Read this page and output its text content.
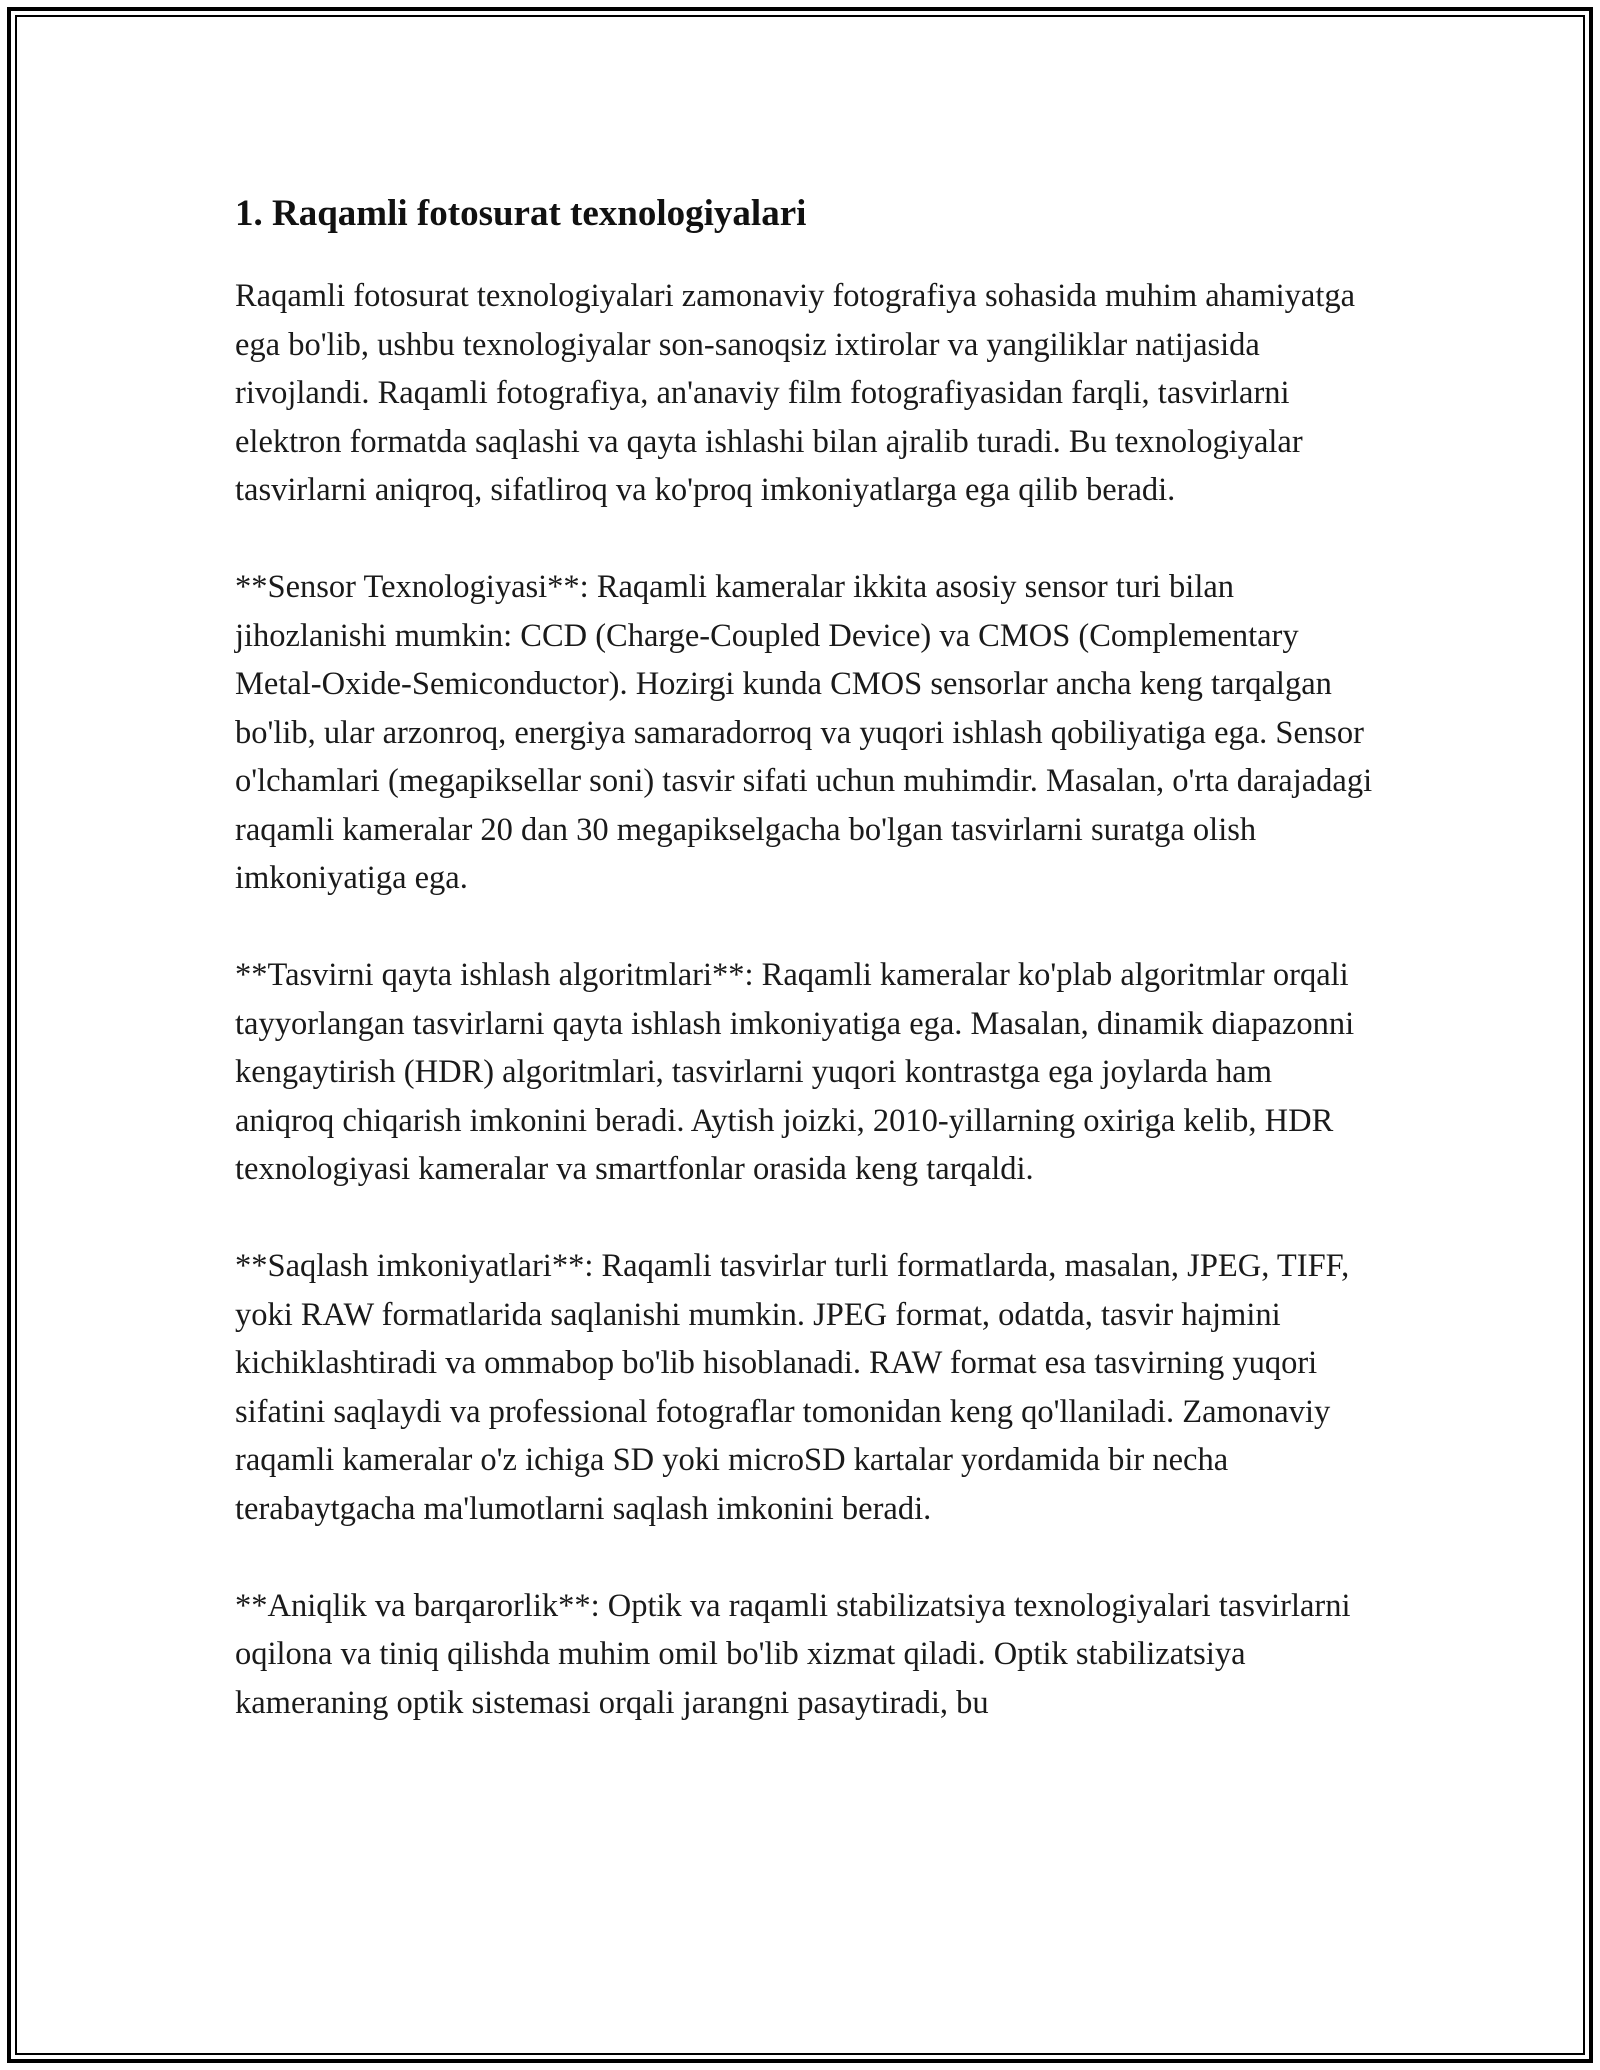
1. Raqamli fotosurat texnologiyalari

Raqamli fotosurat texnologiyalari zamonaviy fotografiya sohasida muhim ahamiyatga ega bo'lib, ushbu texnologiyalar son-sanoqsiz ixtirolar va yangiliklar natijasida rivojlandi. Raqamli fotografiya, an'anaviy film fotografiyasidan farqli, tasvirlarni elektron formatda saqlashi va qayta ishlashi bilan ajralib turadi. Bu texnologiyalar tasvirlarni aniqroq, sifatliroq va ko'proq imkoniyatlarga ega qilib beradi.

**Sensor Texnologiyasi**: Raqamli kameralar ikkita asosiy sensor turi bilan jihozlanishi mumkin: CCD (Charge-Coupled Device) va CMOS (Complementary Metal-Oxide-Semiconductor). Hozirgi kunda CMOS sensorlar ancha keng tarqalgan bo'lib, ular arzonroq, energiya samaradorroq va yuqori ishlash qobiliyatiga ega. Sensor o'lchamlari (megapiksellar soni) tasvir sifati uchun muhimdir. Masalan, o'rta darajadagi raqamli kameralar 20 dan 30 megapikselgacha bo'lgan tasvirlarni suratga olish imkoniyatiga ega.

**Tasvirni qayta ishlash algoritmlari**: Raqamli kameralar ko'plab algoritmlar orqali tayyorlangan tasvirlarni qayta ishlash imkoniyatiga ega. Masalan, dinamik diapazonni kengaytirish (HDR) algoritmlari, tasvirlarni yuqori kontrastga ega joylarda ham aniqroq chiqarish imkonini beradi. Aytish joizki, 2010-yillarning oxiriga kelib, HDR texnologiyasi kameralar va smartfonlar orasida keng tarqaldi.

**Saqlash imkoniyatlari**: Raqamli tasvirlar turli formatlarda, masalan, JPEG, TIFF, yoki RAW formatlarida saqlanishi mumkin. JPEG format, odatda, tasvir hajmini kichiklashtiradi va ommabop bo'lib hisoblanadi. RAW format esa tasvirning yuqori sifatini saqlaydi va professional fotograflar tomonidan keng qo'llaniladi. Zamonaviy raqamli kameralar o'z ichiga SD yoki microSD kartalar yordamida bir necha terabaytgacha ma'lumotlarni saqlash imkonini beradi.

**Aniqlik va barqarorlik**: Optik va raqamli stabilizatsiya texnologiyalari tasvirlarni oqilona va tiniq qilishda muhim omil bo'lib xizmat qiladi. Optik stabilizatsiya kameraning optik sistemasi orqali jarangni pasaytiradi, bu
